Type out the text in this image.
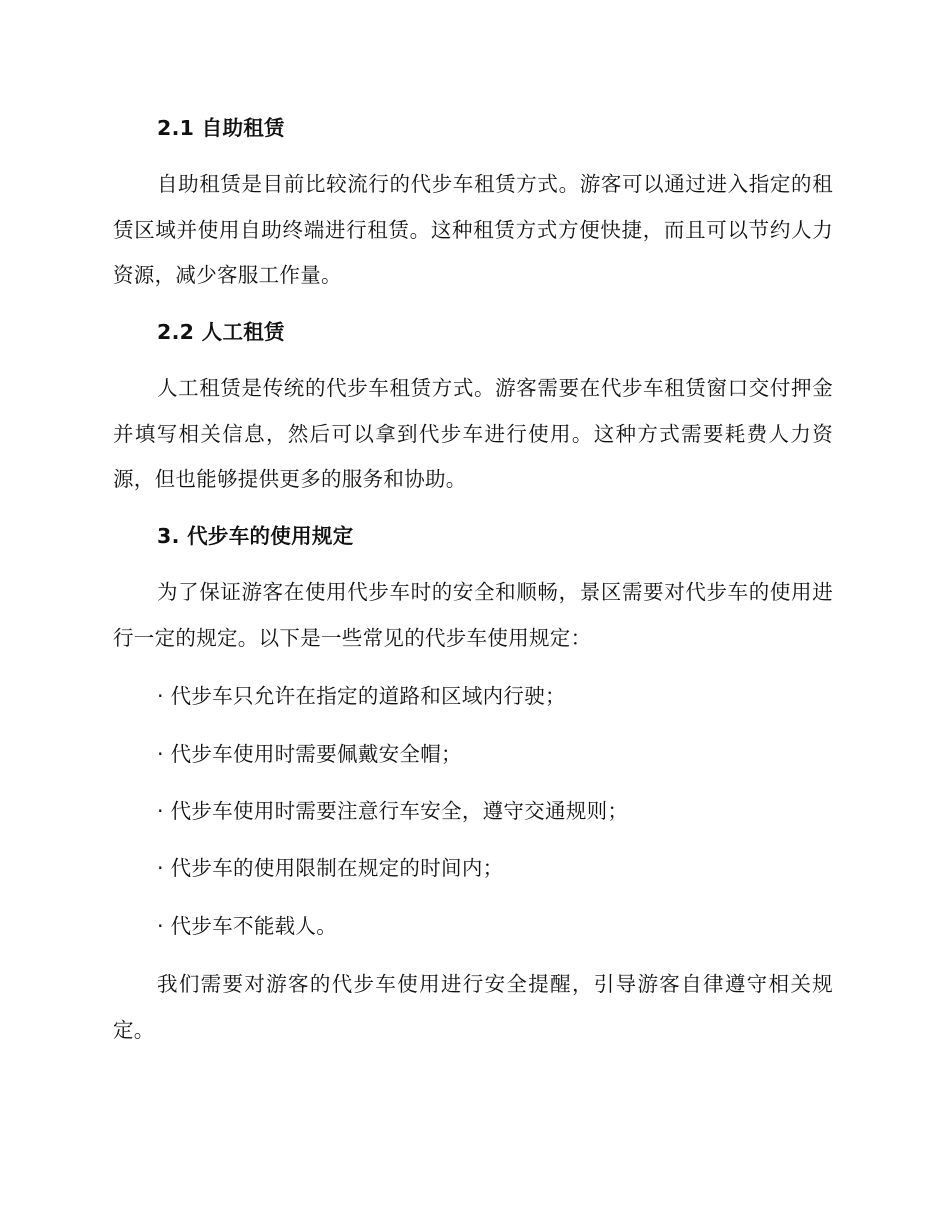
2.1 自助租赁

自助租赁是目前比较流行的代步车租赁方式。游客可以通过进入指定的租赁区域并使用自助终端进行租赁。这种租赁方式方便快捷，而且可以节约人力资源，减少客服工作量。

2.2 人工租赁

人工租赁是传统的代步车租赁方式。游客需要在代步车租赁窗口交付押金并填写相关信息，然后可以拿到代步车进行使用。这种方式需要耗费人力资源，但也能够提供更多的服务和协助。

3. 代步车的使用规定

为了保证游客在使用代步车时的安全和顺畅，景区需要对代步车的使用进行一定的规定。以下是一些常见的代步车使用规定：

· 代步车只允许在指定的道路和区域内行驶；

· 代步车使用时需要佩戴安全帽；

· 代步车使用时需要注意行车安全，遵守交通规则；

· 代步车的使用限制在规定的时间内；

· 代步车不能载人。

我们需要对游客的代步车使用进行安全提醒，引导游客自律遵守相关规定。
